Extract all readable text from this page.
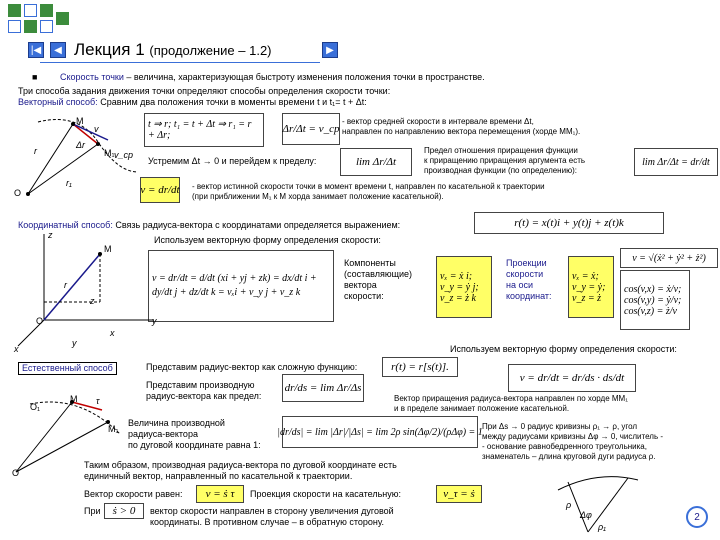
|◀ ◀ Лекция 1 (продолжение – 1.2)	▶
■	Скорость точки – величина, характеризующая быстроту изменения положения точки в пространстве.
Три способа задания движения точки определяют способы определения скорости точки:
Векторный способ: Сравним два положения точки в моменты времени t и t₁= t + Δt:
M
M₁
O
r
r₁
Δr
v
v_ср
t ⇒ r; t₁ = t + Δt ⇒ r₁ = r + Δr;
Δr/Δt = v_ср
- вектор средней скорости в интервале времени Δt,
направлен по направлению вектора перемещения (хорде MM₁).
Устремим Δt → 0 и перейдем к пределу:	lim Δr/Δt
Предел отношения приращения функции
к приращению приращения аргумента есть
производная функции (по определению):
lim Δr/Δt = dr/dt
v = dr/dt - вектор истинной скорости точки в момент времени t, направлен по касательной к траектории
(при приближении M₁ к M хорда занимает положение касательной).
Координатный способ: Связь радиуса-вектора с координатами определяется выражением:	r(t) = x(t)i + y(t)j + z(t)k
Используем векторную форму определения скорости:
v = dr/dt = d/dt (xi + yj + zk) = dx/dt i + dy/dt j + dz/dt k = vₓi + v_y j + v_z k
Компоненты
(составляющие)
вектора
скорости:
vₓ = ẋ i; v_y = ẏ j; v_z = ż k
Проекции
скорости
на оси
координат:
vₓ = ẋ; v_y = ẏ; v_z = ż
v = √(ẋ² + ẏ² + ż²)
cos(v,x) = ẋ/v; cos(v,y) = ẏ/v; cos(v,z) = ż/v
z
y
x
O
M
r
x
y
z
Используем векторную форму определения скорости:
Естественный способ	Представим радиус-вектор как сложную функцию:	r(t) = r[s(t)].
v = dr/dt = dr/ds · ds/dt
Представим производную
радиус-вектора как предел:
dr/ds = lim Δr/Δs
Вектор приращения радиуса-вектора направлен по хорде MM₁
и в пределе занимает положение касательной.
Величина производной
радиуса-вектора
по дуговой координате равна 1:
|dr/ds| = lim |Δr|/|Δs| = lim 2ρ sin(Δφ/2)/(ρΔφ) = 1 При Δs → 0 радиус кривизны ρ₁ → ρ, угол
между радиусами кривизны Δφ → 0, числитель -
- основание равнобедренного треугольника,
знаменатель – длина круговой дуги радиуса ρ.
Таким образом, производная радиуса-вектора по дуговой координате есть
единичный вектор, направленный по касательной к траектории.
Вектор скорости равен:	v = ṡ τ	Проекция скорости на касательную:	v_τ = ṡ
При	ṡ > 0	вектор скорости направлен в сторону увеличения дуговой
координаты. В противном случае – в обратную сторону.
O
O₁
M
M₁
τ
ρ
ρ₁
Δφ	2
